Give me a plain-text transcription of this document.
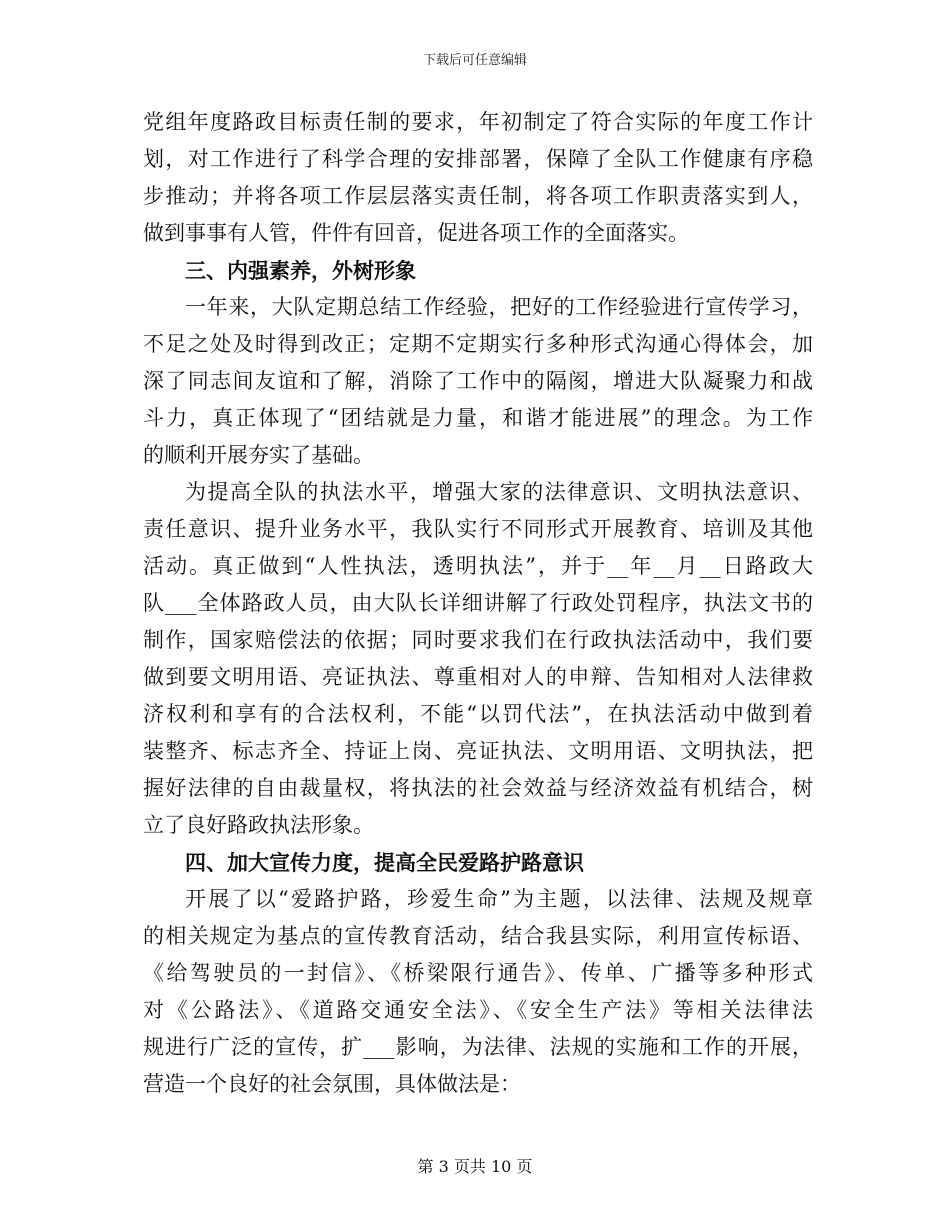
下载后可任意编辑
党组年度路政目标责任制的要求，年初制定了符合实际的年度工作计
划，对工作进行了科学合理的安排部署，保障了全队工作健康有序稳
步推动；并将各项工作层层落实责任制，将各项工作职责落实到人，
做到事事有人管，件件有回音，促进各项工作的全面落实。
三、内强素养，外树形象
一年来，大队定期总结工作经验，把好的工作经验进行宣传学习，
不足之处及时得到改正；定期不定期实行多种形式沟通心得体会，加
深了同志间友谊和了解，消除了工作中的隔阂，增进大队凝聚力和战
斗力，真正体现了“团结就是力量，和谐才能进展”的理念。为工作
的顺利开展夯实了基础。
为提高全队的执法水平，增强大家的法律意识、文明执法意识、
责任意识、提升业务水平，我队实行不同形式开展教育、培训及其他
活动。真正做到“人性执法，透明执法”，并于__年__月__日路政大
队___全体路政人员，由大队长详细讲解了行政处罚程序，执法文书的
制作，国家赔偿法的依据；同时要求我们在行政执法活动中，我们要
做到要文明用语、亮证执法、尊重相对人的申辩、告知相对人法律救
济权利和享有的合法权利，不能“以罚代法”，在执法活动中做到着
装整齐、标志齐全、持证上岗、亮证执法、文明用语、文明执法，把
握好法律的自由裁量权，将执法的社会效益与经济效益有机结合，树
立了良好路政执法形象。
四、加大宣传力度，提高全民爱路护路意识
开展了以“爱路护路，珍爱生命”为主题，以法律、法规及规章
的相关规定为基点的宣传教育活动，结合我县实际，利用宣传标语、
《给驾驶员的一封信》、《桥梁限行通告》、传单、广播等多种形式
对《公路法》、《道路交通安全法》、《安全生产法》等相关法律法
规进行广泛的宣传，扩___影响，为法律、法规的实施和工作的开展，
营造一个良好的社会氛围，具体做法是：
第 3 页共 10 页
